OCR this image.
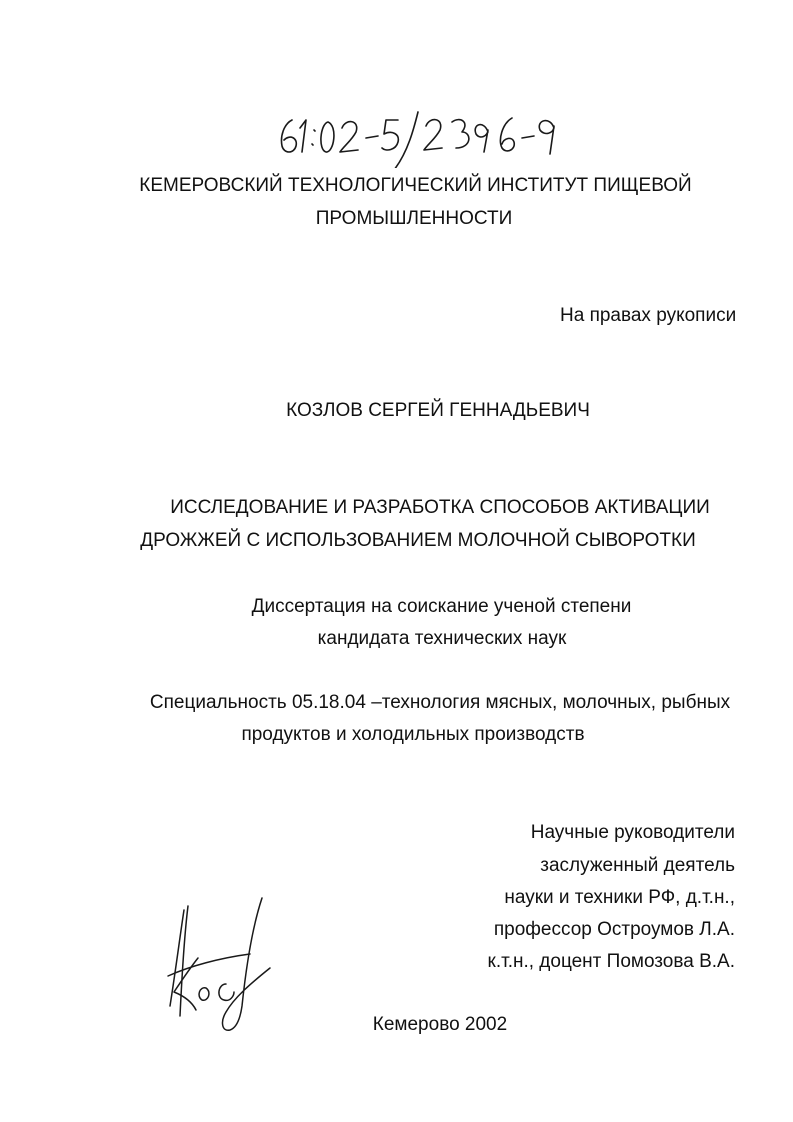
КЕМЕРОВСКИЙ ТЕХНОЛОГИЧЕСКИЙ ИНСТИТУТ ПИЩЕВОЙ
ПРОМЫШЛЕННОСТИ
На правах рукописи
КОЗЛОВ СЕРГЕЙ ГЕННАДЬЕВИЧ
ИССЛЕДОВАНИЕ И РАЗРАБОТКА СПОСОБОВ АКТИВАЦИИ
ДРОЖЖЕЙ С ИСПОЛЬЗОВАНИЕМ МОЛОЧНОЙ СЫВОРОТКИ
Диссертация на соискание ученой степени
кандидата технических наук
Специальность 05.18.04 –технология мясных, молочных, рыбных
продуктов и холодильных производств
Научные руководители
заслуженный деятель
науки и техники РФ, д.т.н.,
профессор Остроумов Л.А.
к.т.н., доцент Помозова В.А.
Кемерово 2002
